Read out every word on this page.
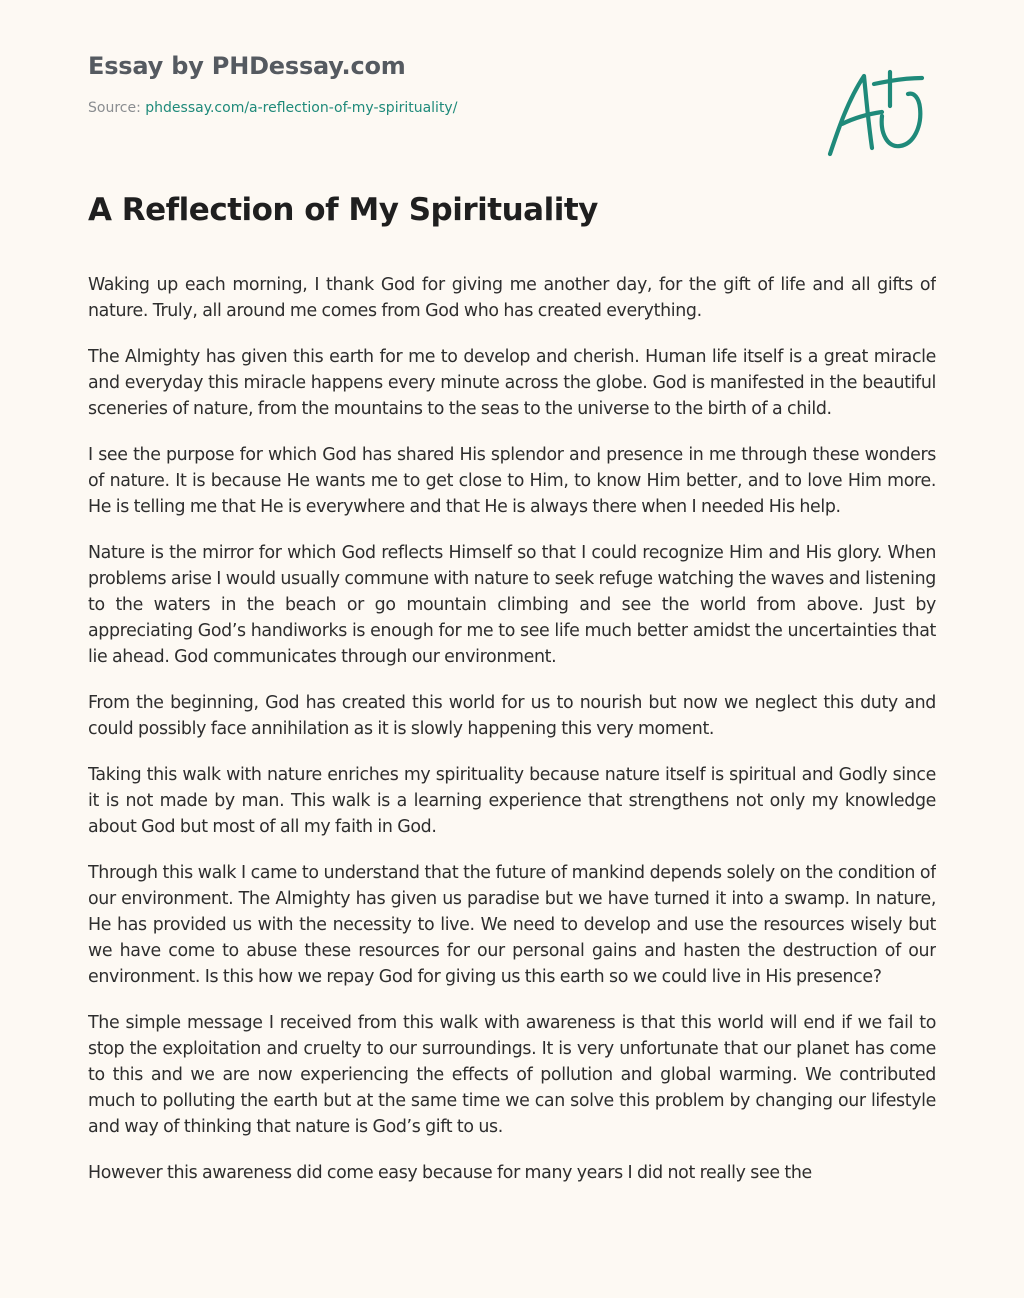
Essay by PHDessay.com
Source: phdessay.com/a-reflection-of-my-spirituality/
A Reflection of My Spirituality

Waking up each morning, I thank God for giving me another day, for the gift of life and all gifts of nature. Truly, all around me comes from God who has created everything.

The Almighty has given this earth for me to develop and cherish. Human life itself is a great miracle and everyday this miracle happens every minute across the globe. God is manifested in the beautiful sceneries of nature, from the mountains to the seas to the universe to the birth of a child.

I see the purpose for which God has shared His splendor and presence in me through these wonders of nature. It is because He wants me to get close to Him, to know Him better, and to love Him more. He is telling me that He is everywhere and that He is always there when I needed His help.

Nature is the mirror for which God reflects Himself so that I could recognize Him and His glory. When problems arise I would usually commune with nature to seek refuge watching the waves and listening to the waters in the beach or go mountain climbing and see the world from above. Just by appreciating God’s handiworks is enough for me to see life much better amidst the uncertainties that lie ahead. God communicates through our environment.

From the beginning, God has created this world for us to nourish but now we neglect this duty and could possibly face annihilation as it is slowly happening this very moment.

Taking this walk with nature enriches my spirituality because nature itself is spiritual and Godly since it is not made by man. This walk is a learning experience that strengthens not only my knowledge about God but most of all my faith in God.

Through this walk I came to understand that the future of mankind depends solely on the condition of our environment. The Almighty has given us paradise but we have turned it into a swamp. In nature, He has provided us with the necessity to live. We need to develop and use the resources wisely but we have come to abuse these resources for our personal gains and hasten the destruction of our environment. Is this how we repay God for giving us this earth so we could live in His presence?

The simple message I received from this walk with awareness is that this world will end if we fail to stop the exploitation and cruelty to our surroundings. It is very unfortunate that our planet has come to this and we are now experiencing the effects of pollution and global warming. We contributed much to polluting the earth but at the same time we can solve this problem by changing our lifestyle and way of thinking that nature is God’s gift to us.

However this awareness did come easy because for many years I did not really see the
